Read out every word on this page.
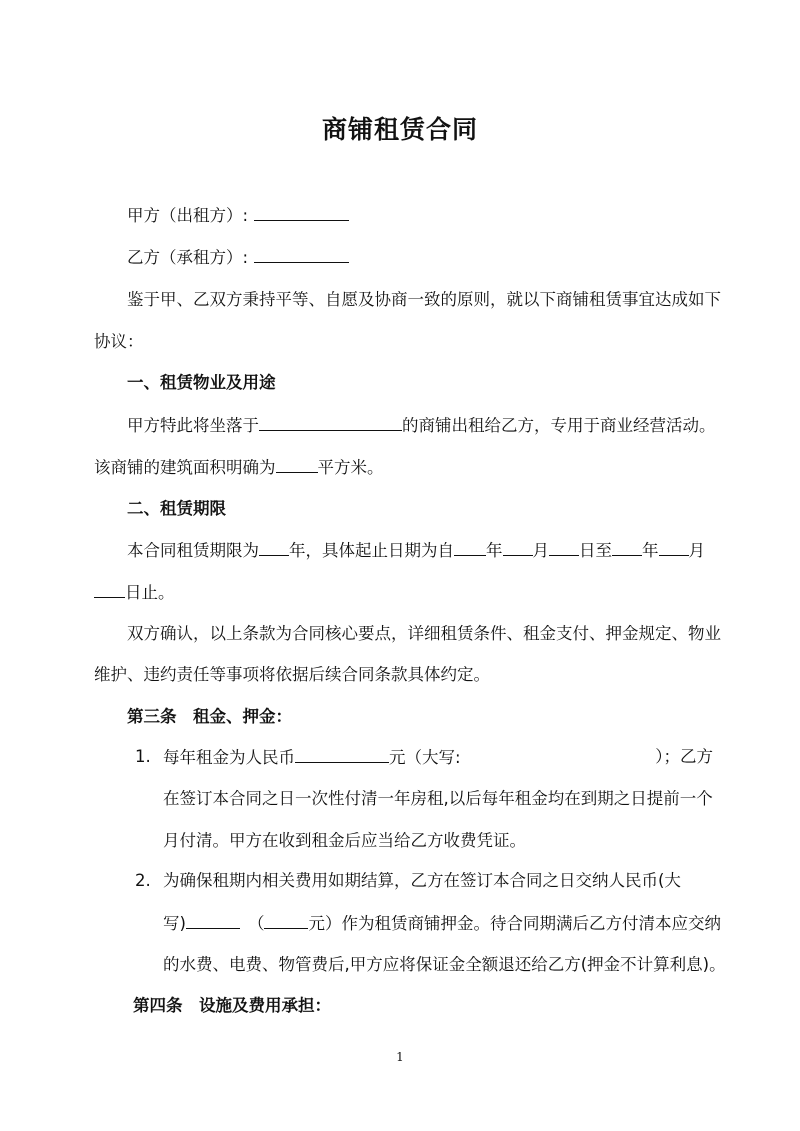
商铺租赁合同
甲方（出租方）:
乙方（承租方）:
鉴于甲、乙双方秉持平等、自愿及协商一致的原则，就以下商铺租赁事宜达成如下
协议：
一、租赁物业及用途
甲方特此将坐落于	的商铺出租给乙方，专用于商业经营活动。
该商铺的建筑面积明确为	平方米。
二、租赁期限
本合同租赁期限为 年，具体起止日期为自 年 月 日至 年 月
日止。
双方确认，以上条款为合同核心要点，详细租赁条件、租金支付、押金规定、物业
维护、违约责任等事项将依据后续合同条款具体约定。
第三条　租金、押金：
1. 每年租金为人民币	元（大写:	）；乙方
在签订本合同之日一次性付清一年房租,以后每年租金均在到期之日提前一个
月付清。甲方在收到租金后应当给乙方收费凭证。
2. 为确保租期内相关费用如期结算，乙方在签订本合同之日交纳人民币(大
写)	（	元）作为租赁商铺押金。待合同期满后乙方付清本应交纳
的水费、电费、物管费后,甲方应将保证金全额退还给乙方(押金不计算利息)。
第四条　设施及费用承担：
1
